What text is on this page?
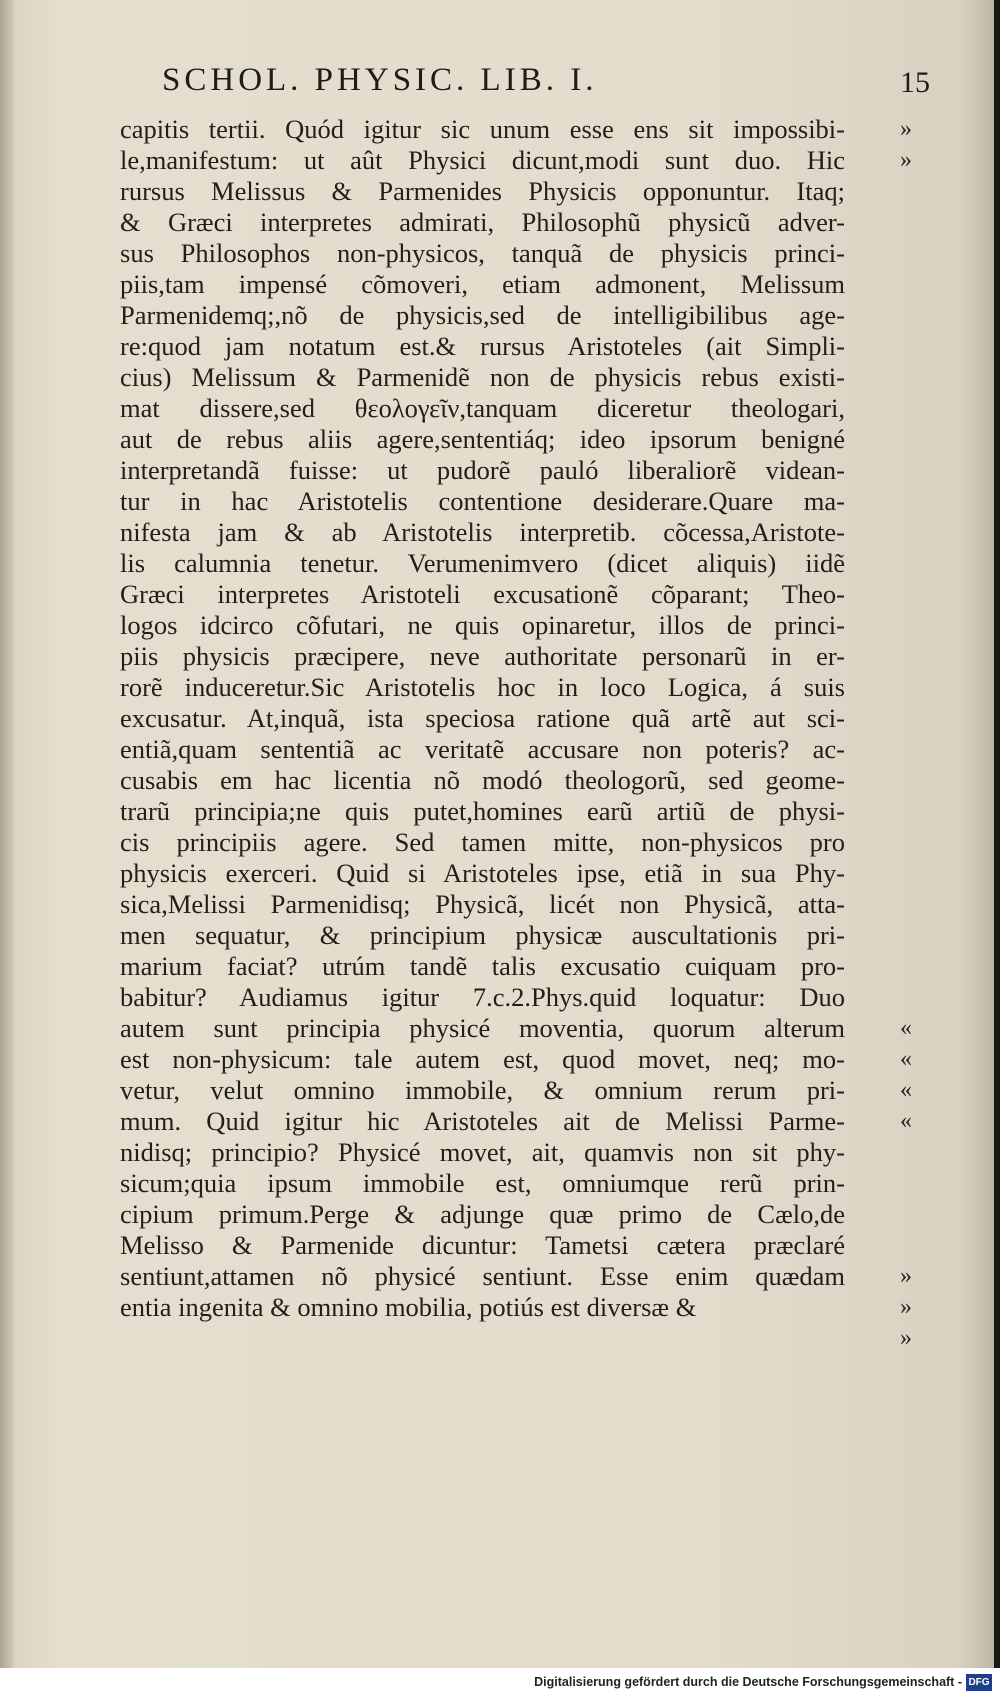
SCHOL. PHYSIC. LIB. I.	15
capitis tertii. Quód igitur sic unum esse ens sit impossibi-
le,manifestum: ut aût Physici dicunt,modi sunt duo. Hic
rursus Melissus & Parmenides Physicis opponuntur. Itaq;
& Græci interpretes admirati, Philosophũ physicũ adver-
sus Philosophos non-physicos, tanquã de physicis princi-
piis,tam impensé cõmoveri, etiam admonent, Melissum
Parmenidemq;,nõ de physicis,sed de intelligibilibus age-
re:quod jam notatum est.& rursus Aristoteles (ait Simpli-
cius) Melissum & Parmenidẽ non de physicis rebus existi-
mat dissere,sed θεολογεῖν,tanquam diceretur theologari,
aut de rebus aliis agere,sententiáq; ideo ipsorum benigné
interpretandã fuisse: ut pudorẽ pauló liberaliorẽ videan-
tur in hac Aristotelis contentione desiderare.Quare ma-
nifesta jam & ab Aristotelis interpretib. cõcessa,Aristote-
lis calumnia tenetur. Verumenimvero (dicet aliquis) iidẽ
Græci interpretes Aristoteli excusationẽ cõparant; Theo-
logos idcirco cõfutari, ne quis opinaretur, illos de princi-
piis physicis præcipere, neve authoritate personarũ in er-
rorẽ induceretur.Sic Aristotelis hoc in loco Logica, á suis
excusatur. At,inquã, ista speciosa ratione quã artẽ aut sci-
entiã,quam sententiã ac veritatẽ accusare non poteris? ac-
cusabis em hac licentia nõ modó theologorũ, sed geome-
trarũ principia;ne quis putet,homines earũ artiũ de physi-
cis principiis agere. Sed tamen mitte, non-physicos pro
physicis exerceri. Quid si Aristoteles ipse, etiã in sua Phy-
sica,Melissi Parmenidisq; Physicã, licét non Physicã, atta-
men sequatur, & principium physicæ auscultationis pri-
marium faciat? utrúm tandẽ talis excusatio cuiquam pro-
babitur? Audiamus igitur 7.c.2.Phys.quid loquatur: Duo
autem sunt principia physicé moventia, quorum alterum
est non-physicum: tale autem est, quod movet, neq; mo-
vetur, velut omnino immobile, & omnium rerum pri-
mum. Quid igitur hic Aristoteles ait de Melissi Parme-
nidisq; principio? Physicé movet, ait, quamvis non sit phy-
sicum;quia ipsum immobile est, omniumque rerũ prin-
cipium primum.Perge & adjunge quæ primo de Cælo,de
Melisso & Parmenide dicuntur: Tametsi cætera præclaré
sentiunt,attamen nõ physicé sentiunt. Esse enim quædam
entia ingenita & omnino mobilia, potiús est diversæ &
»
»
«
«
«
«
»
»
»
Digitalisierung gefördert durch die Deutsche Forschungsgemeinschaft - DFG
